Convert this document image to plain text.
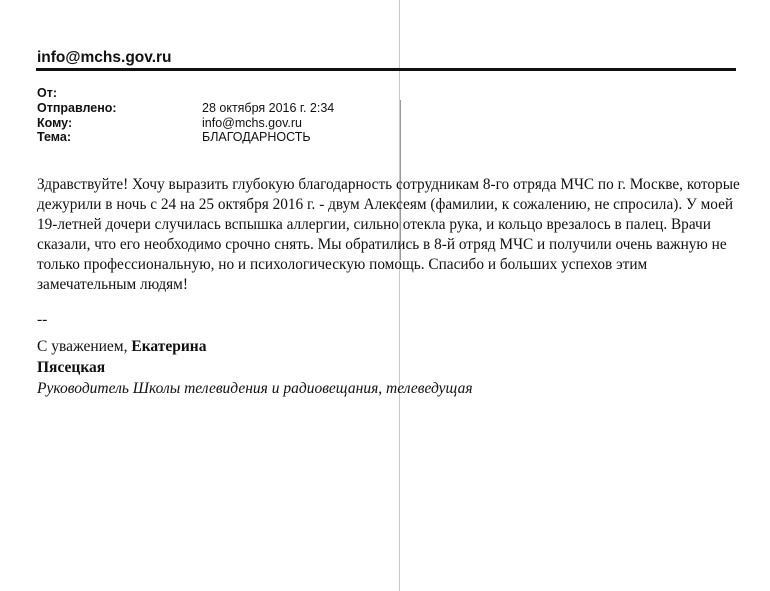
info@mchs.gov.ru
От:
Отправлено:	28 октября 2016 г. 2:34
Кому:	info@mchs.gov.ru
Тема:	БЛАГОДАРНОСТЬ

Здравствуйте! Хочу выразить глубокую благодарность сотрудникам 8-го отряда МЧС по г. Москве, которые дежурили в ночь с 24 на 25 октября 2016 г. - двум Алексеям (фамилии, к сожалению, не спросила). У моей 19-летней дочери случилась вспышка аллергии, сильно отекла рука, и кольцо врезалось в палец. Врачи сказали, что его необходимо срочно снять. Мы обратились в 8-й отряд МЧС и получили очень важную не только профессиональную, но и психологическую помощь. Спасибо и больших успехов этим замечательным людям!

--
С уважением, Екатерина
Пясецкая
Руководитель Школы телевидения и радиовещания, телеведущая
